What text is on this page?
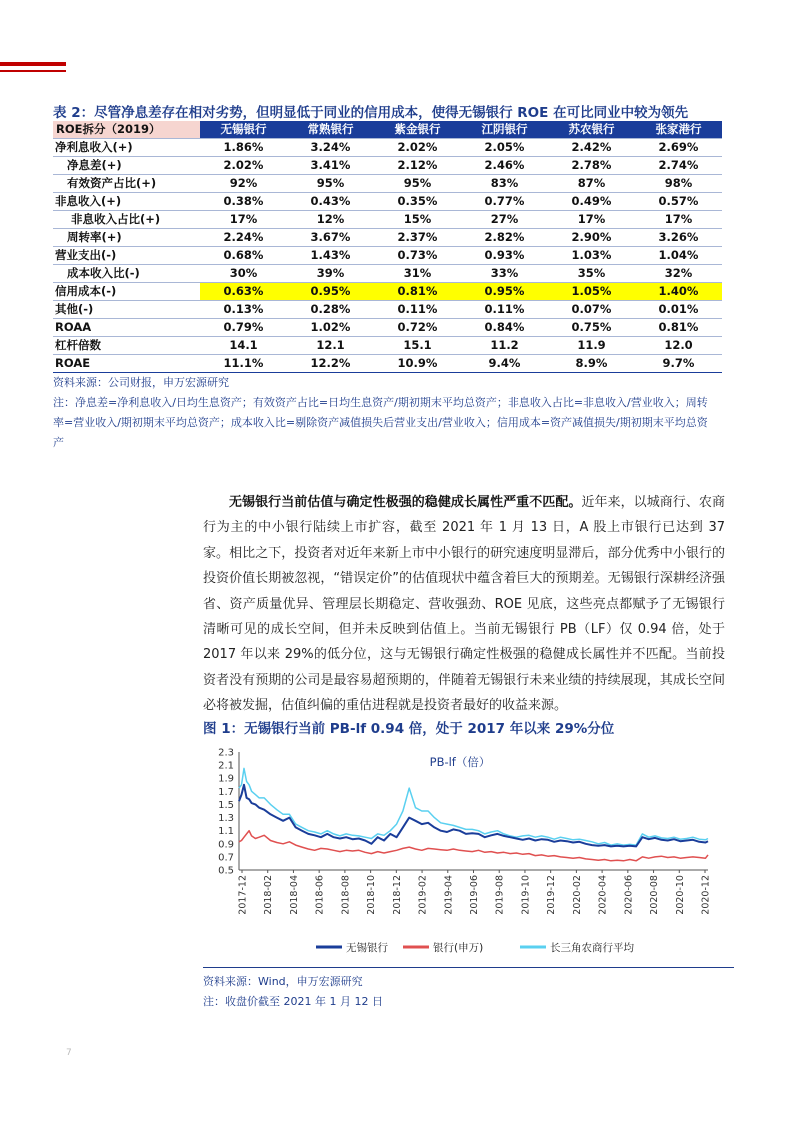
表 2：尽管净息差存在相对劣势，但明显低于同业的信用成本，使得无锡银行 ROE 在可比同业中较为领先
ROE拆分（2019）	无锡银行	常熟银行	紫金银行	江阴银行	苏农银行	张家港行
净利息收入(+)	1.86%	3.24%	2.02%	2.05%	2.42%	2.69%
净息差(+)	2.02%	3.41%	2.12%	2.46%	2.78%	2.74%
有效资产占比(+)	92%	95%	95%	83%	87%	98%
非息收入(+)	0.38%	0.43%	0.35%	0.77%	0.49%	0.57%
非息收入占比(+)	17%	12%	15%	27%	17%	17%
周转率(+)	2.24%	3.67%	2.37%	2.82%	2.90%	3.26%
营业支出(-)	0.68%	1.43%	0.73%	0.93%	1.03%	1.04%
成本收入比(-)	30%	39%	31%	33%	35%	32%
信用成本(-)	0.63%	0.95%	0.81%	0.95%	1.05%	1.40%
其他(-)	0.13%	0.28%	0.11%	0.11%	0.07%	0.01%
ROAA	0.79%	1.02%	0.72%	0.84%	0.75%	0.81%
杠杆倍数	14.1	12.1	15.1	11.2	11.9	12.0
ROAE	11.1%	12.2%	10.9%	9.4%	8.9%	9.7%
资料来源：公司财报，申万宏源研究
注：净息差=净利息收入/日均生息资产；有效资产占比=日均生息资产/期初期末平均总资产；非息收入占比=非息收入/营业收入；周转率=营业收入/期初期末平均总资产；成本收入比=剔除资产减值损失后营业支出/营业收入；信用成本=资产减值损失/期初期末平均总资产
无锡银行当前估值与确定性极强的稳健成长属性严重不匹配。近年来，以城商行、农商行为主的中小银行陆续上市扩容，截至 2021 年 1 月 13 日，A 股上市银行已达到 37 家。相比之下，投资者对近年来新上市中小银行的研究速度明显滞后，部分优秀中小银行的投资价值长期被忽视，“错误定价”的估值现状中蕴含着巨大的预期差。无锡银行深耕经济强省、资产质量优异、管理层长期稳定、营收强劲、ROE 见底，这些亮点都赋予了无锡银行清晰可见的成长空间，但并未反映到估值上。当前无锡银行 PB（LF）仅 0.94 倍，处于 2017 年以来 29%的低分位，这与无锡银行确定性极强的稳健成长属性并不匹配。当前投资者没有预期的公司是最容易超预期的，伴随着无锡银行未来业绩的持续展现，其成长空间必将被发掘，估值纠偏的重估进程就是投资者最好的收益来源。
图 1：无锡银行当前 PB-lf 0.94 倍，处于 2017 年以来 29%分位
2.3
2.1
1.9
1.7
1.5
1.3
1.1
0.9
0.7
0.5
2017-12 2018-02 2018-04 2018-06 2018-08 2018-10 2018-12 2019-02 2019-04 2019-06 2019-08 2019-10 2019-12 2020-02 2020-04 2020-06 2020-08 2020-10 2020-12
PB-lf（倍）
无锡银行	银行(申万)	长三角农商行平均
资料来源：Wind，申万宏源研究
注：收盘价截至 2021 年 1 月 12 日
7
